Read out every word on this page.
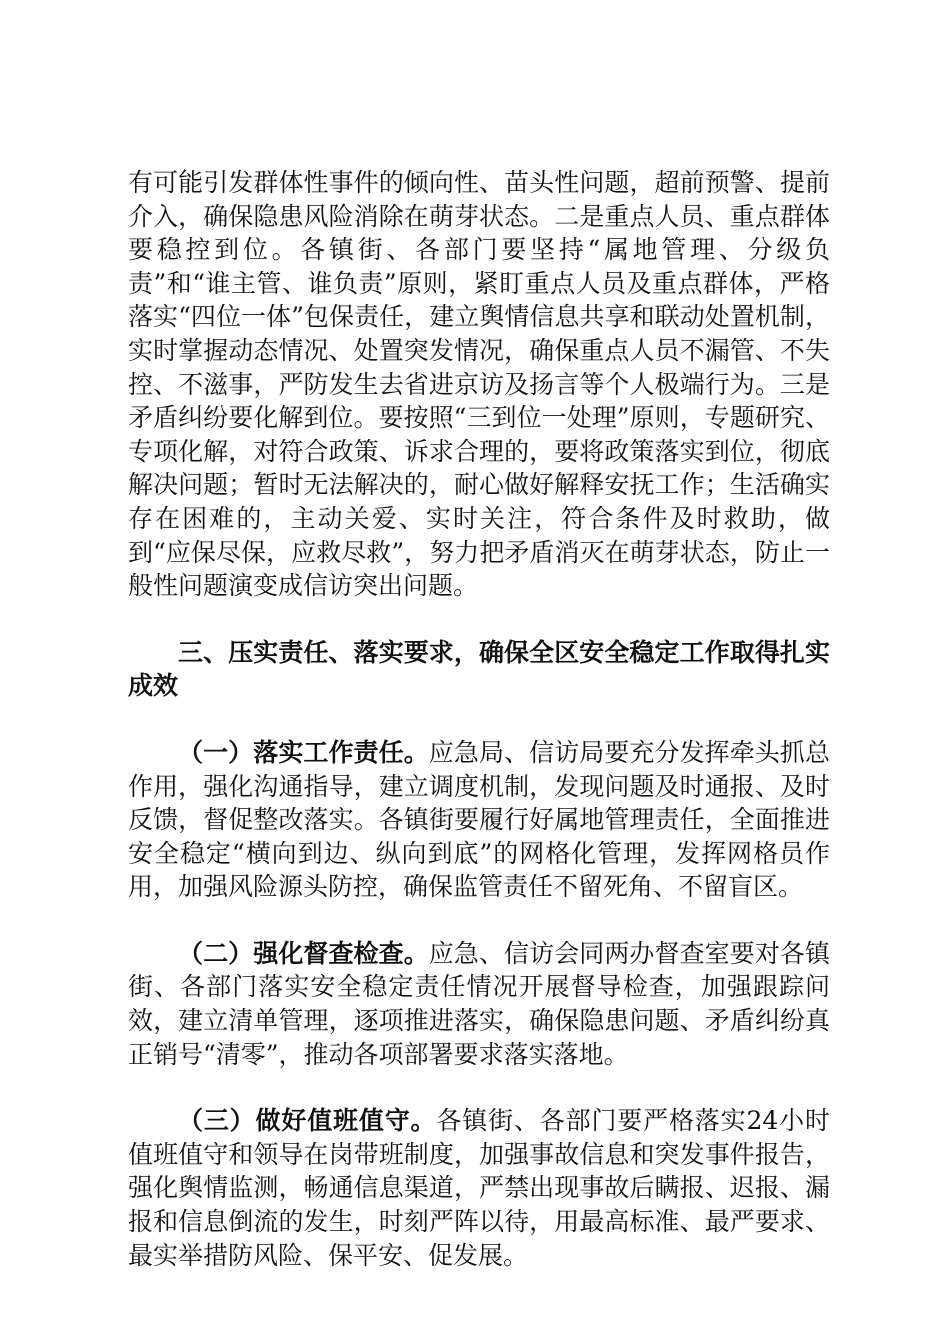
有可能引发群体性事件的倾向性、苗头性问题，超前预警、提前介入，确保隐患风险消除在萌芽状态。二是重点人员、重点群体要稳控到位。各镇街、各部门要坚持“属地管理、分级负责”和“谁主管、谁负责”原则，紧盯重点人员及重点群体，严格落实“四位一体”包保责任，建立舆情信息共享和联动处置机制，实时掌握动态情况、处置突发情况，确保重点人员不漏管、不失控、不滋事，严防发生去省进京访及扬言等个人极端行为。三是矛盾纠纷要化解到位。要按照“三到位一处理”原则，专题研究、专项化解，对符合政策、诉求合理的，要将政策落实到位，彻底解决问题；暂时无法解决的，耐心做好解释安抚工作；生活确实存在困难的，主动关爱、实时关注，符合条件及时救助，做到“应保尽保，应救尽救”，努力把矛盾消灭在萌芽状态，防止一般性问题演变成信访突出问题。

三、压实责任、落实要求，确保全区安全稳定工作取得扎实成效

（一）落实工作责任。应急局、信访局要充分发挥牵头抓总作用，强化沟通指导，建立调度机制，发现问题及时通报、及时反馈，督促整改落实。各镇街要履行好属地管理责任，全面推进安全稳定“横向到边、纵向到底”的网格化管理，发挥网格员作用，加强风险源头防控，确保监管责任不留死角、不留盲区。

（二）强化督查检查。应急、信访会同两办督查室要对各镇街、各部门落实安全稳定责任情况开展督导检查，加强跟踪问效，建立清单管理，逐项推进落实，确保隐患问题、矛盾纠纷真正销号“清零”，推动各项部署要求落实落地。

（三）做好值班值守。各镇街、各部门要严格落实24小时值班值守和领导在岗带班制度，加强事故信息和突发事件报告，强化舆情监测，畅通信息渠道，严禁出现事故后瞒报、迟报、漏报和信息倒流的发生，时刻严阵以待，用最高标准、最严要求、最实举措防风险、保平安、促发展。
